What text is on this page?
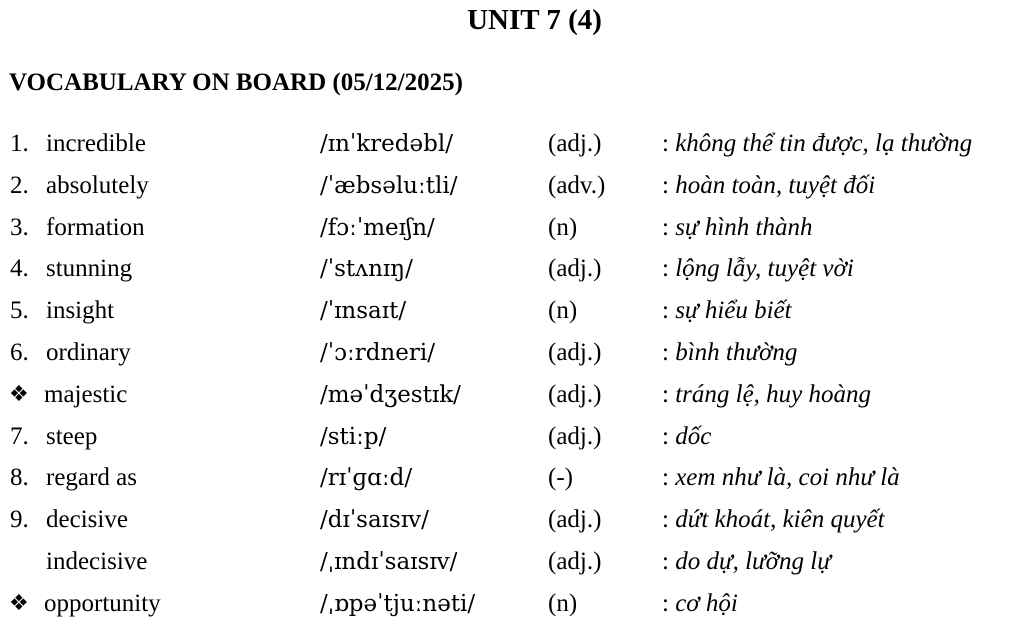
UNIT 7 (4)
VOCABULARY ON BOARD (05/12/2025)
1. incredible	/ɪnˈkredəbl/	(adj.) : không thể tin được, lạ thường
2. absolutely	/ˈæbsəluːtli/	(adv.) : hoàn toàn, tuyệt đối
3. formation	/fɔːˈmeɪʃn/	(n)	: sự hình thành
4. stunning	/ˈstʌnɪŋ/	(adj.) : lộng lẫy, tuyệt vời
5. insight	/ˈɪnsaɪt/	(n)	: sự hiểu biết
6. ordinary	/ˈɔːrdneri/	(adj.) : bình thường
❖ majestic	/məˈdʒestɪk/	(adj.) : tráng lệ, huy hoàng
7. steep	/stiːp/	(adj.) : dốc
8. regard as	/rɪˈɡɑːd/	(-)	: xem như là, coi như là
9. decisive	/dɪˈsaɪsɪv/	(adj.) : dứt khoát, kiên quyết
indecisive	/ˌɪndɪˈsaɪsɪv/	(adj.) : do dự, lưỡng lự
❖ opportunity	/ˌɒpəˈtjuːnəti/	(n)	: cơ hội
